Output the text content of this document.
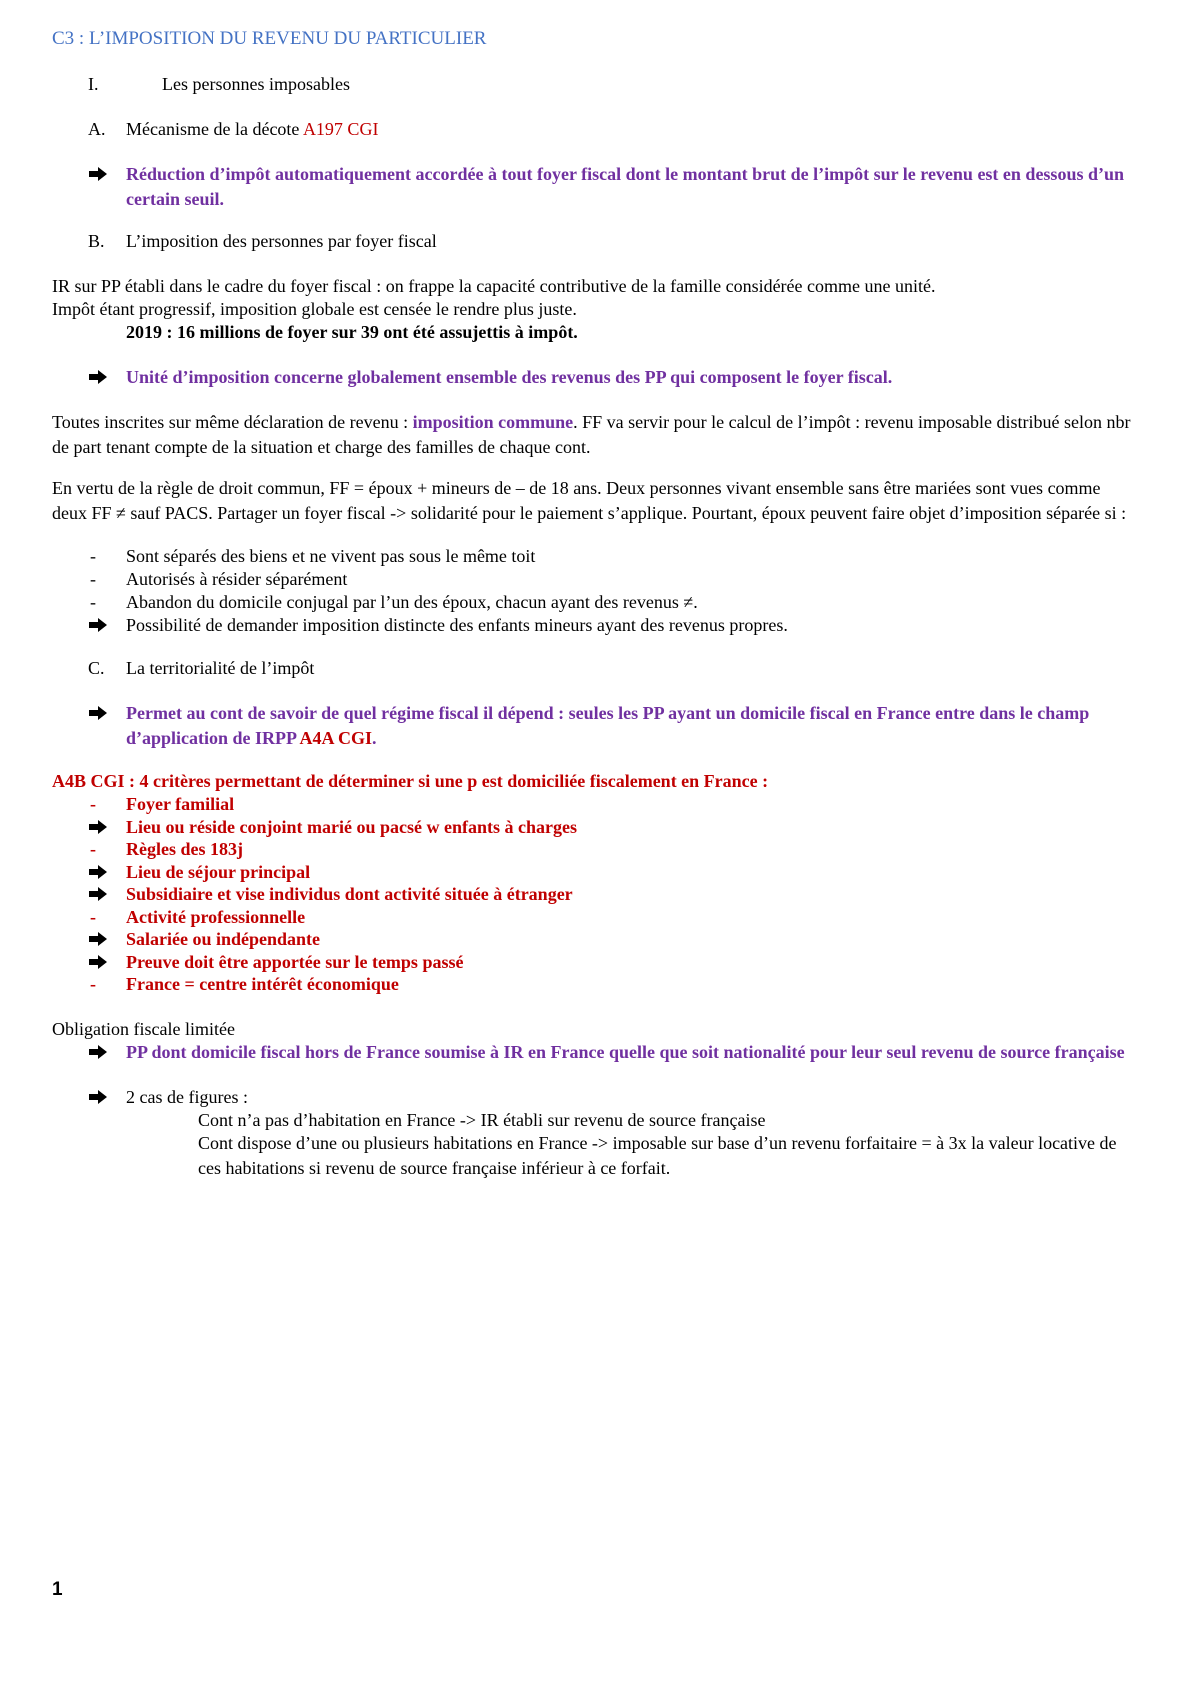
C3 : L’IMPOSITION DU REVENU DU PARTICULIER
I.	Les personnes imposables
A. Mécanisme de la décote A197 CGI
Réduction d’impôt automatiquement accordée à tout foyer fiscal dont le montant brut de l’impôt sur le revenu est en dessous d’un certain seuil.
B. L’imposition des personnes par foyer fiscal
IR sur PP établi dans le cadre du foyer fiscal : on frappe la capacité contributive de la famille considérée comme une unité.
Impôt étant progressif, imposition globale est censée le rendre plus juste.
2019 : 16 millions de foyer sur 39 ont été assujettis à impôt.
Unité d’imposition concerne globalement ensemble des revenus des PP qui composent le foyer fiscal.
Toutes inscrites sur même déclaration de revenu : imposition commune. FF va servir pour le calcul de l’impôt : revenu imposable distribué selon nbr de part tenant compte de la situation et charge des familles de chaque cont.
En vertu de la règle de droit commun, FF = époux + mineurs de – de 18 ans. Deux personnes vivant ensemble sans être mariées sont vues comme deux FF ≠ sauf PACS. Partager un foyer fiscal -> solidarité pour le paiement s’applique. Pourtant, époux peuvent faire objet d’imposition séparée si :
- Sont séparés des biens et ne vivent pas sous le même toit
- Autorisés à résider séparément
- Abandon du domicile conjugal par l’un des époux, chacun ayant des revenus ≠.
Possibilité de demander imposition distincte des enfants mineurs ayant des revenus propres.
C. La territorialité de l’impôt
Permet au cont de savoir de quel régime fiscal il dépend : seules les PP ayant un domicile fiscal en France entre dans le champ d’application de IRPP A4A CGI.
A4B CGI : 4 critères permettant de déterminer si une p est domiciliée fiscalement en France :
- Foyer familial
Lieu ou réside conjoint marié ou pacsé w enfants à charges
- Règles des 183j
Lieu de séjour principal
Subsidiaire et vise individus dont activité située à étranger
- Activité professionnelle
Salariée ou indépendante
Preuve doit être apportée sur le temps passé
- France = centre intérêt économique
Obligation fiscale limitée
PP dont domicile fiscal hors de France soumise à IR en France quelle que soit nationalité pour leur seul revenu de source française
2 cas de figures :
Cont n’a pas d’habitation en France -> IR établi sur revenu de source française
Cont dispose d’une ou plusieurs habitations en France -> imposable sur base d’un revenu forfaitaire = à 3x la valeur locative de ces habitations si revenu de source française inférieur à ce forfait.
1
